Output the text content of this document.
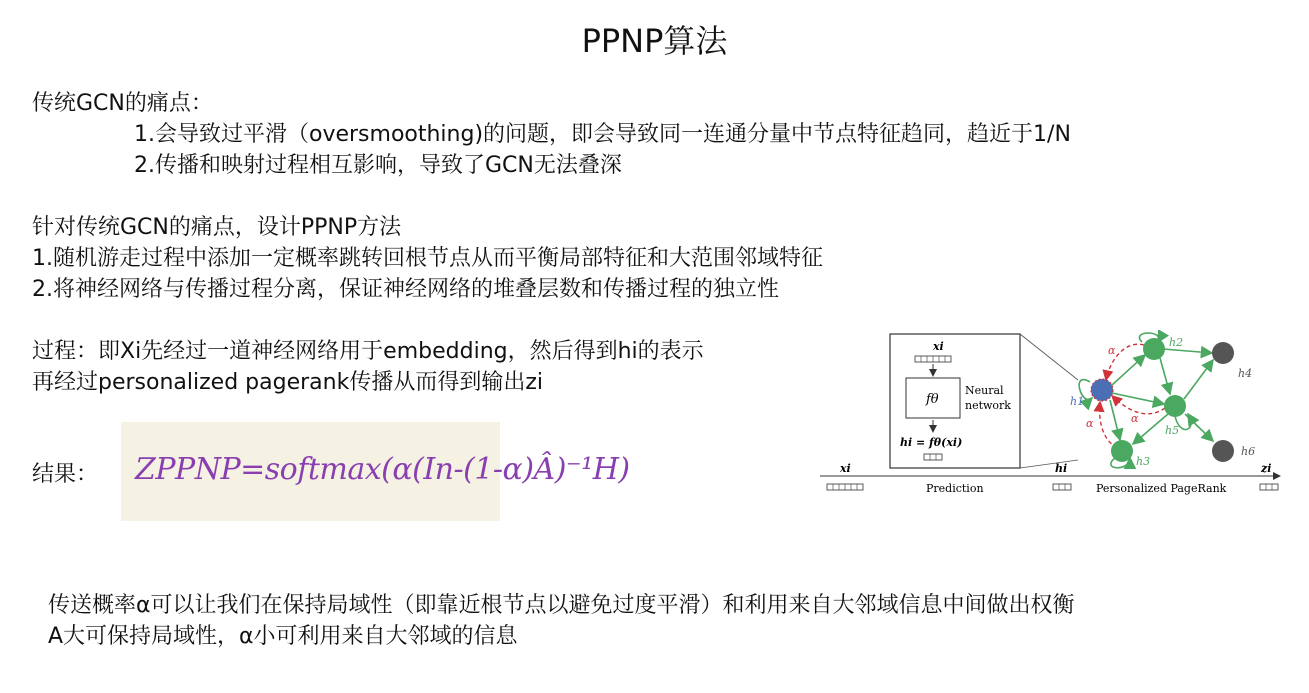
PPNP算法
传统GCN的痛点：
1.会导致过平滑（oversmoothing)的问题，即会导致同一连通分量中节点特征趋同，趋近于1/N
2.传播和映射过程相互影响，导致了GCN无法叠深
针对传统GCN的痛点，设计PPNP方法
1.随机游走过程中添加一定概率跳转回根节点从而平衡局部特征和大范围邻域特征
2.将神经网络与传播过程分离，保证神经网络的堆叠层数和传播过程的独立性
过程：即Xi先经过一道神经网络用于embedding，然后得到hi的表示
再经过personalized pagerank传播从而得到输出zi
结果： ZPPNP=softmax(α(In-(1-α)Â)⁻¹H)
传送概率α可以让我们在保持局域性（即靠近根节点以避免过度平滑）和利用来自大邻域信息中间做出权衡
A大可保持局域性，α小可利用来自大邻域的信息
xi
fθ
Neural
network
hi = fθ(xi)
xi
Prediction
hi
Personalized PageRank
zi
α
α
α
h1
h2
h3
h4
h5
h6
